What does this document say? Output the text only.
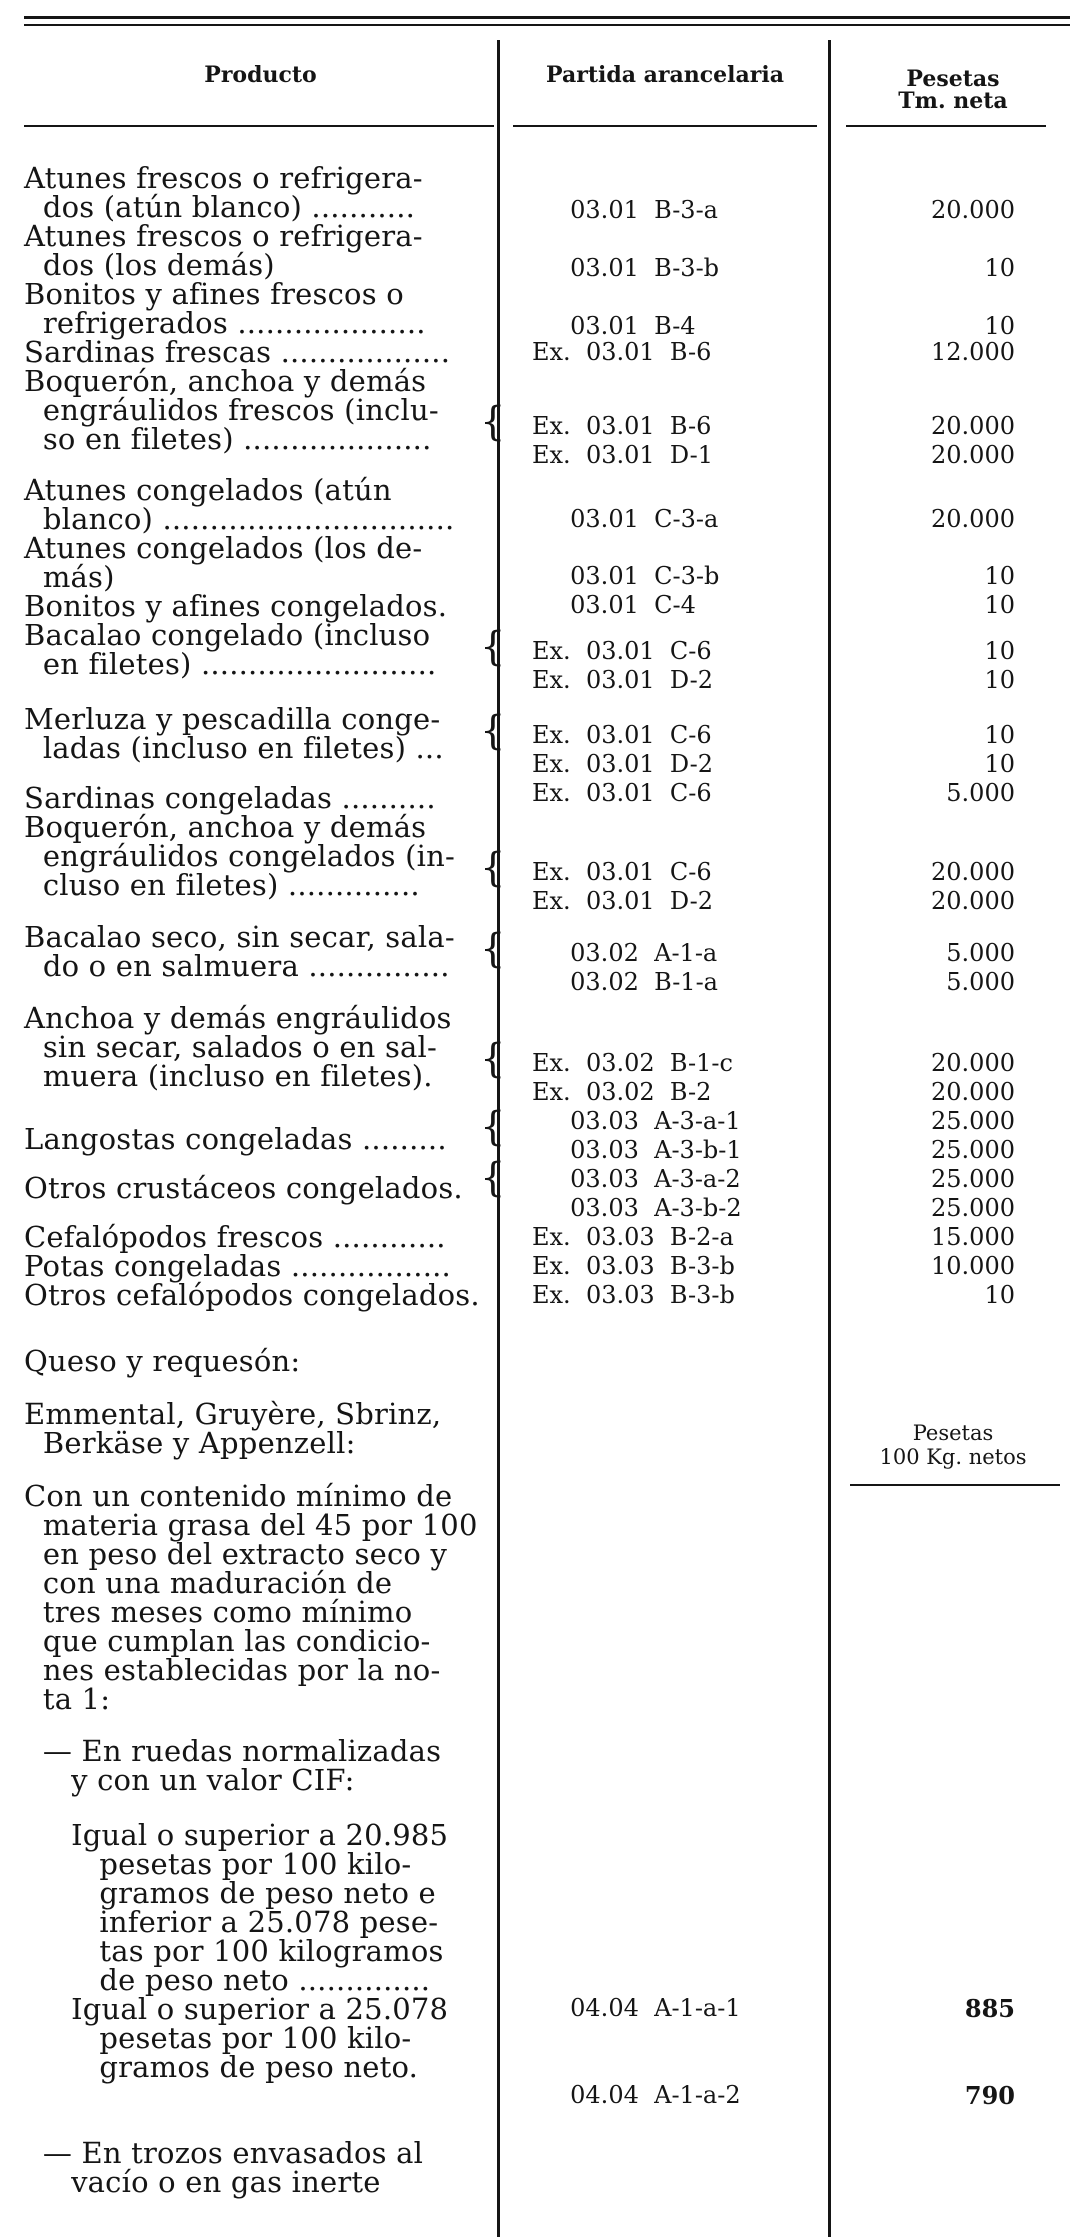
Producto	Partida arancelaria	Pesetas
Tm. neta
Atunes frescos o refrigera-
dos (atún blanco) ...........
Atunes frescos o refrigera-
dos (los demás)
Bonitos y afines frescos o
refrigerados ....................
Sardinas frescas ..................
Boquerón, anchoa y demás
engráulidos frescos (inclu-
so en filetes) ....................
Atunes congelados (atún
blanco) ...............................
Atunes congelados (los de-
más)
Bonitos y afines congelados.
Bacalao congelado (incluso
en filetes) .........................
Merluza y pescadilla conge-
ladas (incluso en filetes) ...
Sardinas congeladas ..........
Boquerón, anchoa y demás
engráulidos congelados (in-
cluso en filetes) ..............
Bacalao seco, sin secar, sala-
do o en salmuera ...............
Anchoa y demás engráulidos
sin secar, salados o en sal-
muera (incluso en filetes).
Langostas congeladas .........
Otros crustáceos congelados.
Cefalópodos frescos ............
Potas congeladas .................
Otros cefalópodos congelados.
Queso y requesón:
Emmental, Gruyère, Sbrinz,
Berkäse y Appenzell:
Con un contenido mínimo de
materia grasa del 45 por 100
en peso del extracto seco y
con una maduración de
tres meses como mínimo
que cumplan las condicio-
nes establecidas por la no-
ta 1:
— En ruedas normalizadas
y con un valor CIF:
Igual o superior a 20.985
pesetas por 100 kilo-
gramos de peso neto e
inferior a 25.078 pese-
tas por 100 kilogramos
de peso neto ..............
Igual o superior a 25.078
pesetas por 100 kilo-
gramos de peso neto.
— En trozos envasados al
vacío o en gas inerte
{
{
{
{
{
{
{
{
03.01  B-3-a
03.01  B-3-b
03.01  B-4
Ex.  03.01  B-6
Ex.  03.01  B-6
Ex.  03.01  D-1
03.01  C-3-a
03.01  C-3-b
03.01  C-4
Ex.  03.01  C-6
Ex.  03.01  D-2
Ex.  03.01  C-6
Ex.  03.01  D-2
Ex.  03.01  C-6
Ex.  03.01  C-6
Ex.  03.01  D-2
03.02  A-1-a
03.02  B-1-a
Ex.  03.02  B-1-c
Ex.  03.02  B-2
03.03  A-3-a-1
03.03  A-3-b-1
03.03  A-3-a-2
03.03  A-3-b-2
Ex.  03.03  B-2-a
Ex.  03.03  B-3-b
Ex.  03.03  B-3-b
04.04  A-1-a-1
04.04  A-1-a-2
20.000
10
10
12.000
20.000
20.000
20.000
10
10
10
10
10
10
5.000
20.000
20.000
5.000
5.000
20.000
20.000
25.000
25.000
25.000
25.000
15.000
10.000
10
885
790
Pesetas
100 Kg. netos
